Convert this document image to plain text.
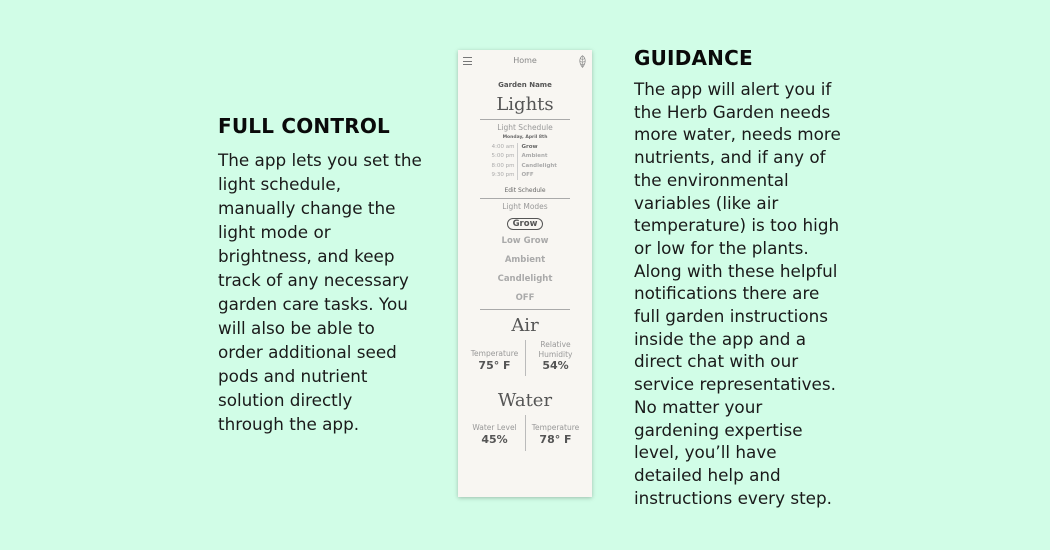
FULL CONTROL

The app lets you set the light schedule, manually change the light mode or brightness, and keep track of any necessary garden care tasks. You will also be able to order additional seed pods and nutrient solution directly through the app.

Home
Garden Name
Lights
Light Schedule
Monday, April 8th
4:00 am
5:00 pm
8:00 pm
9:30 pm
Grow
Ambient
Candlelight
OFF
Edit Schedule
Light Modes
Grow
Low Grow
Ambient
Candlelight
OFF
Air
Temperature
75° F
Relative
Humidity
54%
Water
Water Level
45%
Temperature
78° F
GUIDANCE

The app will alert you if the Herb Garden needs more water, needs more nutrients, and if any of the environmental variables (like air temperature) is too high or low for the plants. Along with these helpful notifications there are full garden instructions inside the app and a direct chat with our service representatives. No matter your gardening expertise level, you’ll have detailed help and instructions every step.
